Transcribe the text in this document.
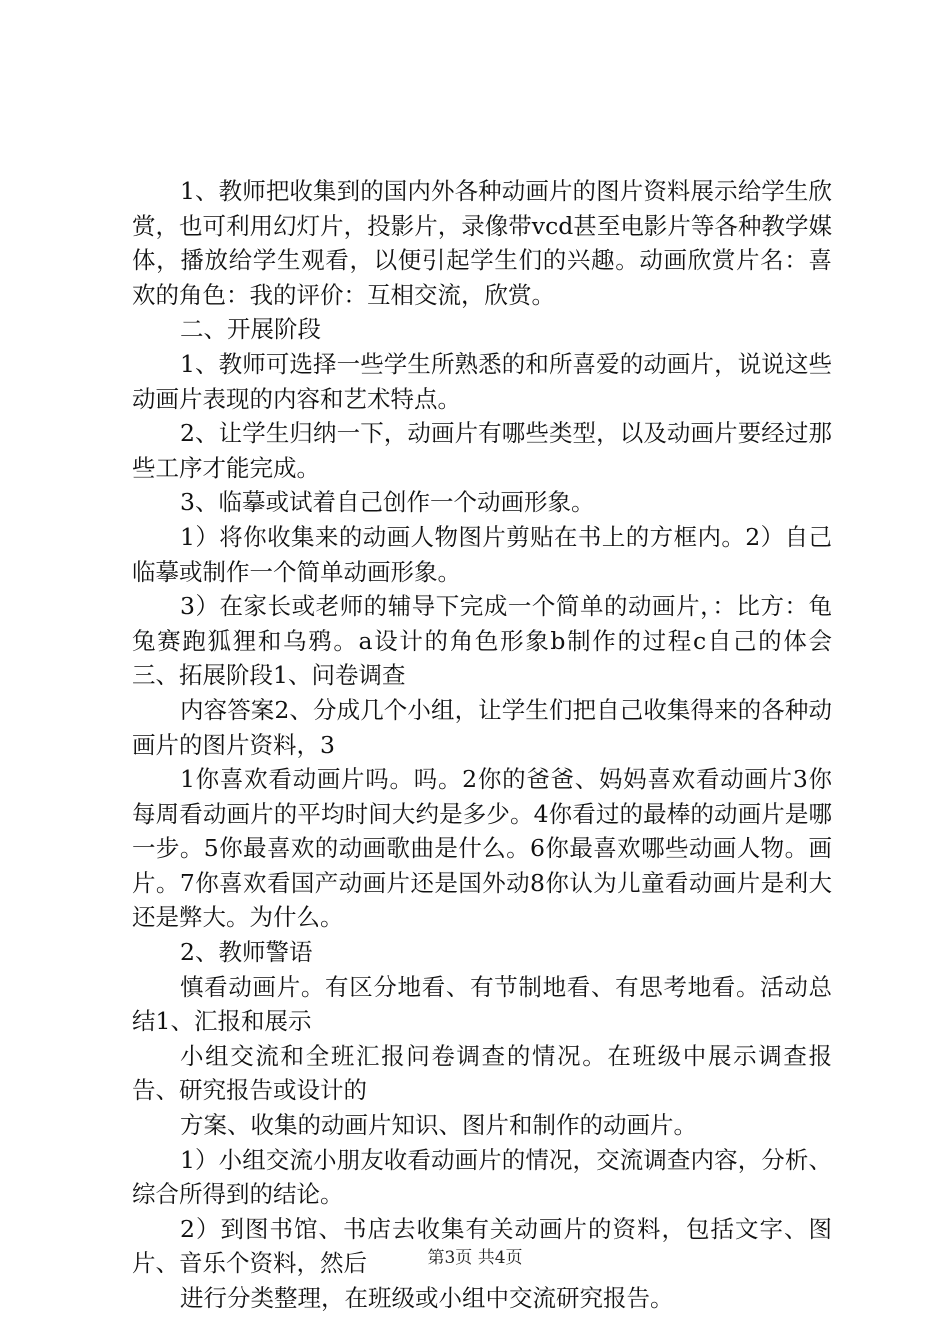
1、教师把收集到的国内外各种动画片的图片资料展示给学生欣赏，也可利用幻灯片，投影片，录像带vcd甚至电影片等各种教学媒体，播放给学生观看，以便引起学生们的兴趣。动画欣赏片名：喜欢的角色：我的评价：互相交流，欣赏。

二、开展阶段

1、教师可选择一些学生所熟悉的和所喜爱的动画片，说说这些动画片表现的内容和艺术特点。

2、让学生归纳一下，动画片有哪些类型，以及动画片要经过那些工序才能完成。

3、临摹或试着自己创作一个动画形象。

1）将你收集来的动画人物图片剪贴在书上的方框内。2）自己临摹或制作一个简单动画形象。

3）在家长或老师的辅导下完成一个简单的动画片，：比方：龟兔赛跑狐狸和乌鸦。a设计的角色形象b制作的过程c自己的体会三、拓展阶段1、问卷调查

内容答案2、分成几个小组，让学生们把自己收集得来的各种动画片的图片资料，3

1你喜欢看动画片吗。吗。2你的爸爸、妈妈喜欢看动画片3你每周看动画片的平均时间大约是多少。4你看过的最棒的动画片是哪一步。5你最喜欢的动画歌曲是什么。6你最喜欢哪些动画人物。画片。7你喜欢看国产动画片还是国外动8你认为儿童看动画片是利大还是弊大。为什么。

2、教师警语

慎看动画片。有区分地看、有节制地看、有思考地看。活动总结1、汇报和展示

小组交流和全班汇报问卷调查的情况。在班级中展示调查报告、研究报告或设计的

方案、收集的动画片知识、图片和制作的动画片。

1）小组交流小朋友收看动画片的情况，交流调查内容，分析、综合所得到的结论。

2）到图书馆、书店去收集有关动画片的资料，包括文字、图片、音乐个资料，然后

进行分类整理，在班级或小组中交流研究报告。

第3页 共4页
